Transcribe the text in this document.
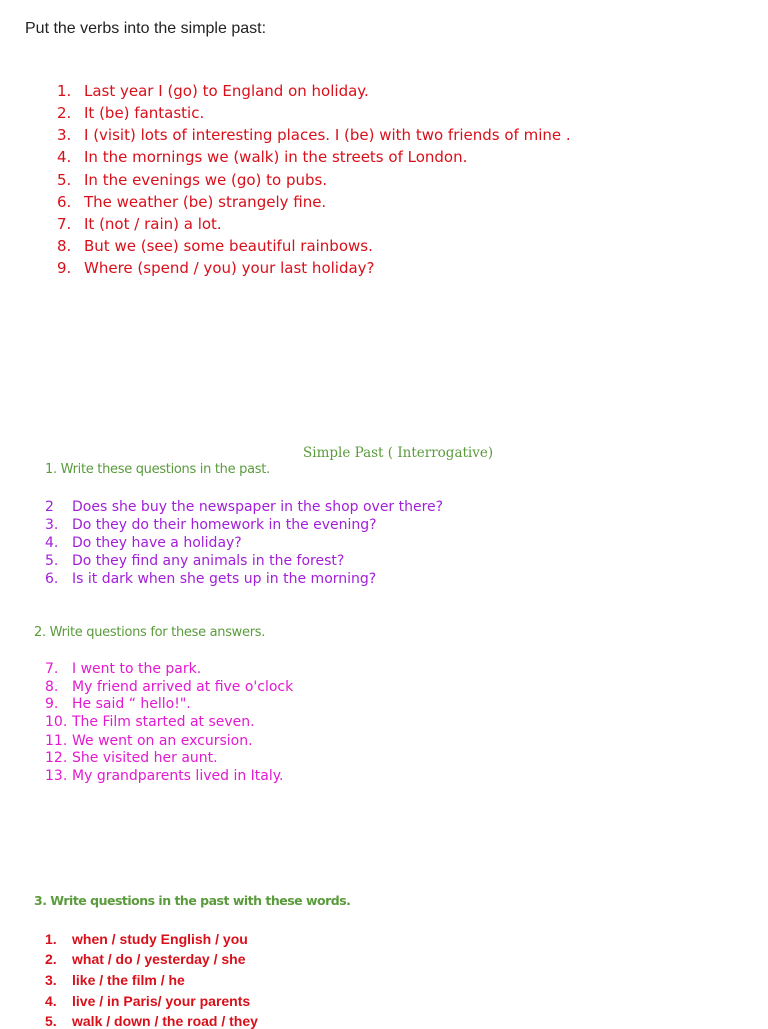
Put the verbs into the simple past:
1. Last year I (go) to England on holiday.
2. It (be) fantastic.
3. I (visit) lots of interesting places. I (be) with two friends of mine .
4. In the mornings we (walk) in the streets of London.
5. In the evenings we (go) to pubs.
6. The weather (be) strangely fine.
7. It (not / rain) a lot.
8. But we (see) some beautiful rainbows.
9. Where (spend / you) your last holiday?
Simple Past ( Interrogative)
1. Write these questions in the past.
2 Does she buy the newspaper in the shop over there?
3. Do they do their homework in the evening?
4. Do they have a holiday?
5. Do they find any animals in the forest?
6. Is it dark when she gets up in the morning?
2. Write questions for these answers.
7. I went to the park.
8. My friend arrived at five o'clock
9. He said “ hello!".
10. The Film started at seven.
11. We went on an excursion.
12. She visited her aunt.
13. My grandparents lived in Italy.
3. Write questions in the past with these words.
1. when / study English / you
2. what / do / yesterday / she
3. like / the film / he
4. live / in Paris/ your parents
5. walk / down / the road / they
